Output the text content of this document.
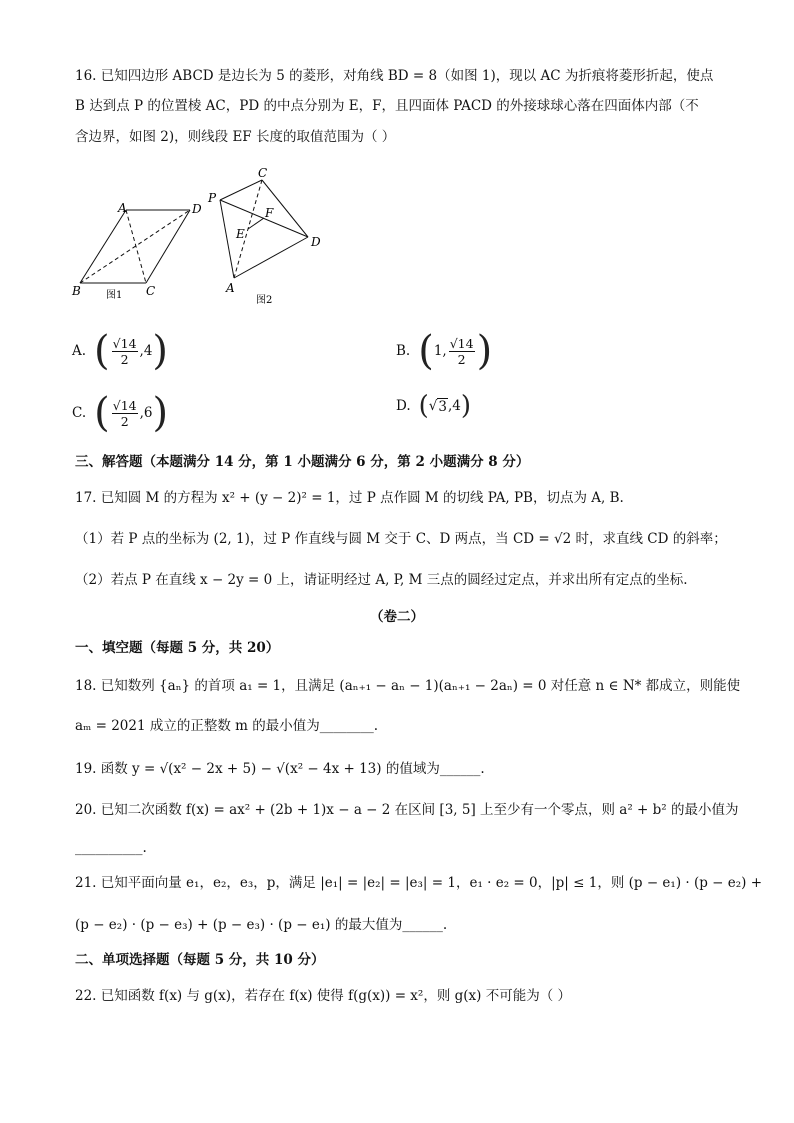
16. 已知四边形 ABCD 是边长为 5 的菱形，对角线 BD = 8（如图 1)，现以 AC 为折痕将菱形折起，使点
B 达到点 P 的位置棱 AC，PD 的中点分别为 E，F，且四面体 PACD 的外接球球心落在四面体内部（不
含边界，如图 2)，则线段 EF 长度的取值范围为（ ）
A	D
B	C
图1
C
P
F
E
D
A
图2
A. ( $\frac{√14}{2} ,4$ )	B. ( 1, $\frac{√14}{2}$ )
C. ( $\frac{√14}{2} ,6$ )	D. ( √ 3 ,4 )
三、解答题（本题满分 14 分，第 1 小题满分 6 分，第 2 小题满分 8 分）
17. 已知圆 M 的方程为 x² + (y − 2)² = 1，过 P 点作圆 M 的切线 PA, PB，切点为 A, B.
（1）若 P 点的坐标为 (2, 1)，过 P 作直线与圆 M 交于 C、D 两点，当 CD = √2 时，求直线 CD 的斜率；
（2）若点 P 在直线 x − 2y = 0 上，请证明经过 A, P, M 三点的圆经过定点，并求出所有定点的坐标.
（卷二）
一、填空题（每题 5 分，共 20）
18. 已知数列 {aₙ} 的首项 a₁ = 1，且满足 (aₙ₊₁ − aₙ − 1)(aₙ₊₁ − 2aₙ) = 0 对任意 n ∈ N* 都成立，则能使
aₘ = 2021 成立的正整数 m 的最小值为________.
19. 函数 y = √(x² − 2x + 5) − √(x² − 4x + 13) 的值域为______.
20. 已知二次函数 f(x) = ax² + (2b + 1)x − a − 2 在区间 [3, 5] 上至少有一个零点，则 a² + b² 的最小值为
__________.
21. 已知平面向量 e₁，e₂，e₃，p，满足 |e₁| = |e₂| = |e₃| = 1，e₁ · e₂ = 0，|p| ≤ 1，则 (p − e₁) · (p − e₂) +
(p − e₂) · (p − e₃) + (p − e₃) · (p − e₁) 的最大值为______.
二、单项选择题（每题 5 分，共 10 分）
22. 已知函数 f(x) 与 g(x)，若存在 f(x) 使得 f(g(x)) = x²，则 g(x) 不可能为（ ）
